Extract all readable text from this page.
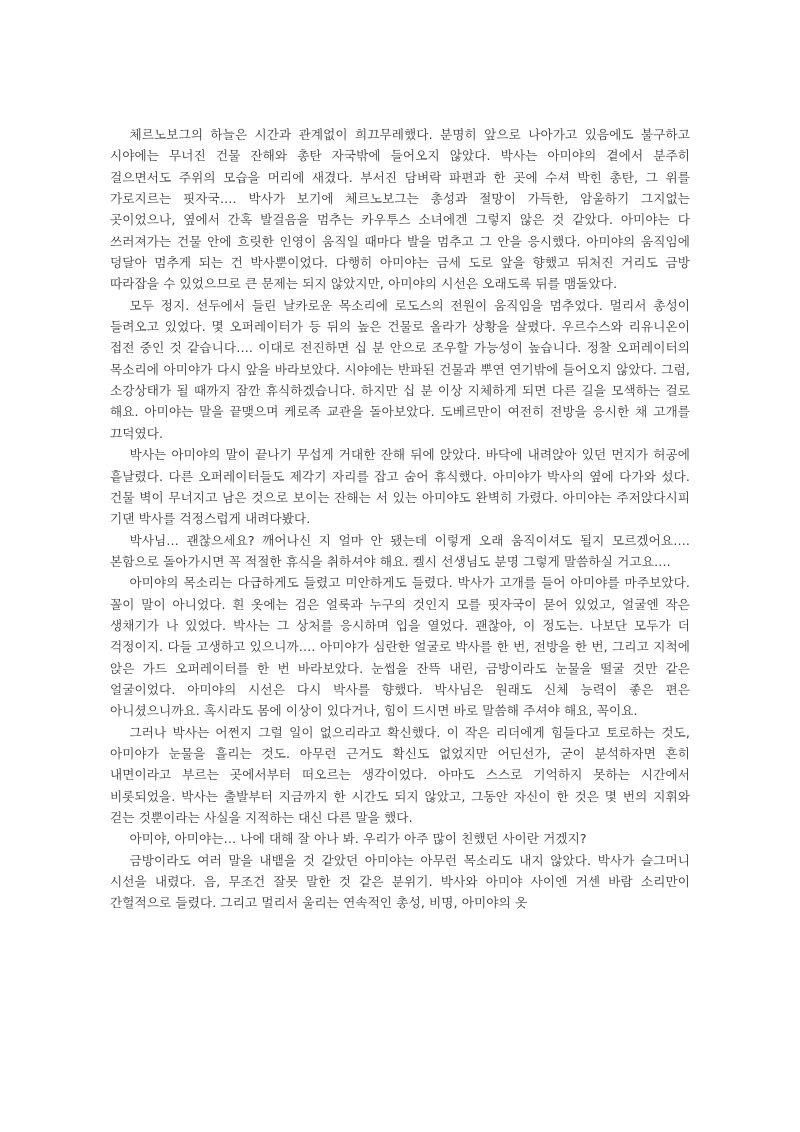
체르노보그의 하늘은 시간과 관계없이 희끄무레했다. 분명히 앞으로 나아가고 있음에도 불구하고 시야에는 무너진 건물 잔해와 총탄 자국밖에 들어오지 않았다. 박사는 아미야의 곁에서 분주히 걸으면서도 주위의 모습을 머리에 새겼다. 부서진 담벼락 파편과 한 곳에 수셔 박힌 총탄, 그 위를 가로지르는 핏자국…. 박사가 보기에 체르노보그는 총성과 절망이 가득한, 암울하기 그지없는 곳이었으나, 옆에서 간혹 발걸음을 멈추는 카우투스 소녀에겐 그렇지 않은 것 같았다. 아미야는 다 쓰러져가는 건물 안에 흐릿한 인영이 움직일 때마다 발을 멈추고 그 안을 응시했다. 아미야의 움직임에 덩달아 멈추게 되는 건 박사뿐이었다. 다행히 아미야는 금세 도로 앞을 향했고 뒤처진 거리도 금방 따라잡을 수 있었으므로 큰 문제는 되지 않았지만, 아미야의 시선은 오래도록 뒤를 맴돌았다.

모두 정지. 선두에서 들린 날카로운 목소리에 로도스의 전원이 움직임을 멈추었다. 멀리서 총성이 들려오고 있었다. 몇 오퍼레이터가 등 뒤의 높은 건물로 올라가 상황을 살폈다. 우르수스와 리유니온이 접전 중인 것 같습니다…. 이대로 전진하면 십 분 안으로 조우할 가능성이 높습니다. 정찰 오퍼레이터의 목소리에 아미야가 다시 앞을 바라보았다. 시야에는 반파된 건물과 뿌연 연기밖에 들어오지 않았다. 그럼, 소강상태가 될 때까지 잠깐 휴식하겠습니다. 하지만 십 분 이상 지체하게 되면 다른 길을 모색하는 걸로 해요. 아미야는 말을 끝맺으며 케로족 교관을 돌아보았다. 도베르만이 여전히 전방을 응시한 채 고개를 끄덕였다.

박사는 아미야의 말이 끝나기 무섭게 거대한 잔해 뒤에 앉았다. 바닥에 내려앉아 있던 먼지가 허공에 흩날렸다. 다른 오퍼레이터들도 제각기 자리를 잡고 숨어 휴식했다. 아미야가 박사의 옆에 다가와 섰다. 건물 벽이 무너지고 남은 것으로 보이는 잔해는 서 있는 아미야도 완벽히 가렸다. 아미야는 주저앉다시피 기댄 박사를 걱정스럽게 내려다봤다.

박사님… 괜찮으세요? 깨어나신 지 얼마 안 됐는데 이렇게 오래 움직이셔도 될지 모르겠어요…. 본함으로 돌아가시면 꼭 적절한 휴식을 취하셔야 해요. 켈시 선생님도 분명 그렇게 말씀하실 거고요….

아미야의 목소리는 다급하게도 들렸고 미안하게도 들렸다. 박사가 고개를 들어 아미야를 마주보았다. 꼴이 말이 아니었다. 흰 옷에는 검은 얼룩과 누구의 것인지 모를 핏자국이 묻어 있었고, 얼굴엔 작은 생채기가 나 있었다. 박사는 그 상처를 응시하며 입을 열었다. 괜찮아, 이 정도는. 나보단 모두가 더 걱정이지. 다들 고생하고 있으니까…. 아미야가 심란한 얼굴로 박사를 한 번, 전방을 한 번, 그리고 지척에 앉은 가드 오퍼레이터를 한 번 바라보았다. 눈썹을 잔뜩 내린, 금방이라도 눈물을 떨굴 것만 같은 얼굴이었다. 아미야의 시선은 다시 박사를 향했다. 박사님은 원래도 신체 능력이 좋은 편은 아니셨으니까요. 혹시라도 몸에 이상이 있다거나, 힘이 드시면 바로 말씀해 주셔야 해요, 꼭이요.

그러나 박사는 어쩐지 그럴 일이 없으리라고 확신했다. 이 작은 리더에게 힘들다고 토로하는 것도, 아미야가 눈물을 흘리는 것도. 아무런 근거도 확신도 없었지만 어딘선가, 굳이 분석하자면 흔히 내면이라고 부르는 곳에서부터 떠오르는 생각이었다. 아마도 스스로 기억하지 못하는 시간에서 비롯되었을. 박사는 출발부터 지금까지 한 시간도 되지 않았고, 그동안 자신이 한 것은 몇 번의 지휘와 걷는 것뿐이라는 사실을 지적하는 대신 다른 말을 했다.

아미야, 아미야는… 나에 대해 잘 아나 봐. 우리가 아주 많이 친했던 사이란 거겠지?

금방이라도 여러 말을 내뱉을 것 같았던 아미야는 아무런 목소리도 내지 않았다. 박사가 슬그머니 시선을 내렸다. 음, 무조건 잘못 말한 것 같은 분위기. 박사와 아미야 사이엔 거센 바람 소리만이 간헐적으로 들렸다. 그리고 멀리서 울리는 연속적인 총성, 비명, 아미야의 옷
